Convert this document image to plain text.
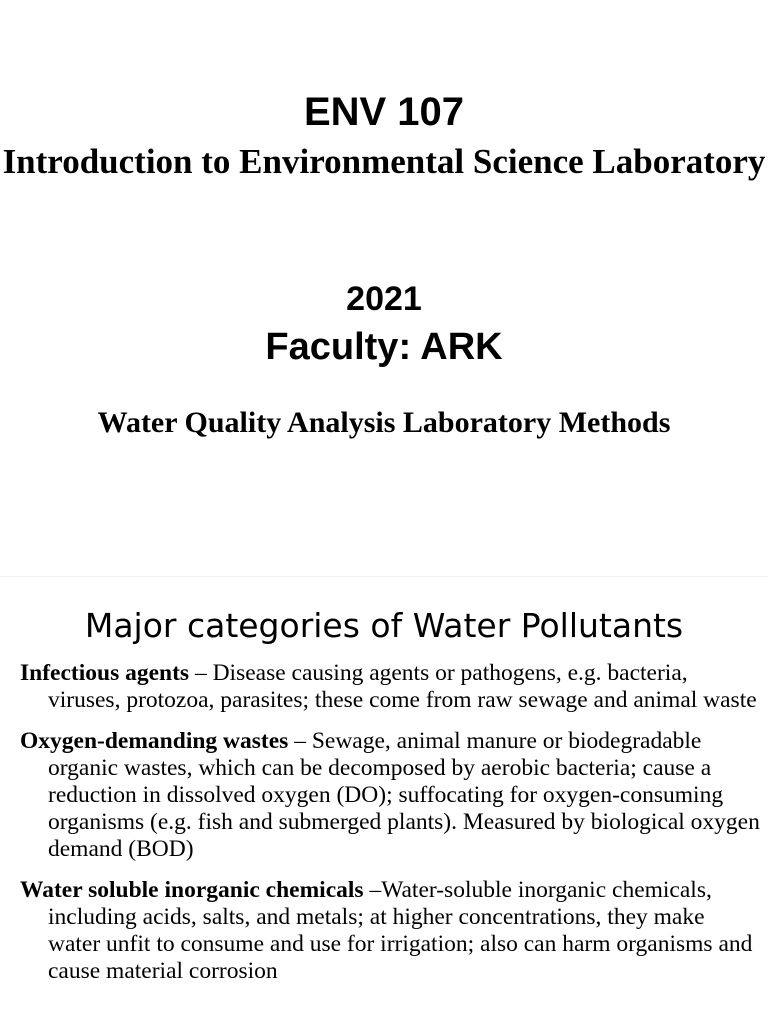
ENV 107
Introduction to Environmental Science Laboratory
2021
Faculty: ARK
Water Quality Analysis Laboratory Methods
Major categories of Water Pollutants

Infectious agents – Disease causing agents or pathogens, e.g. bacteria, viruses, protozoa, parasites; these come from raw sewage and animal waste

Oxygen-demanding wastes – Sewage, animal manure or biodegradable organic wastes, which can be decomposed by aerobic bacteria; cause a reduction in dissolved oxygen (DO); suffocating for oxygen-consuming organisms (e.g. fish and submerged plants). Measured by biological oxygen demand (BOD)

Water soluble inorganic chemicals –Water-soluble inorganic chemicals, including acids, salts, and metals; at higher concentrations, they make water unfit to consume and use for irrigation; also can harm organisms and cause material corrosion
